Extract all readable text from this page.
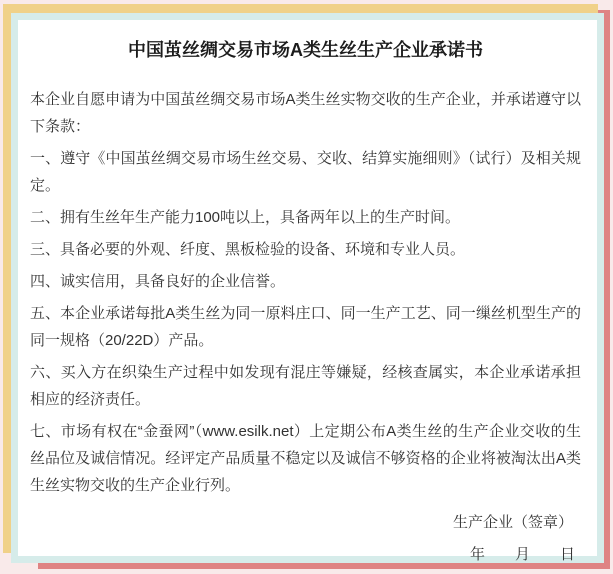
中国茧丝绸交易市场A类生丝生产企业承诺书

本企业自愿申请为中国茧丝绸交易市场A类生丝实物交收的生产企业，并承诺遵守以下条款：

一、遵守《中国茧丝绸交易市场生丝交易、交收、结算实施细则》（试行）及相关规定。

二、拥有生丝年生产能力100吨以上，具备两年以上的生产时间。

三、具备必要的外观、纤度、黑板检验的设备、环境和专业人员。

四、诚实信用，具备良好的企业信誉。

五、本企业承诺每批A类生丝为同一原料庄口、同一生产工艺、同一缫丝机型生产的同一规格（20/22D）产品。

六、买入方在织染生产过程中如发现有混庄等嫌疑，经核查属实，本企业承诺承担相应的经济责任。

七、市场有权在“金蚕网”（www.esilk.net）上定期公布A类生丝的生产企业交收的生丝品位及诚信情况。经评定产品质量不稳定以及诚信不够资格的企业将被淘汰出A类生丝实物交收的生产企业行列。

生产企业（签章）

年　　月　　日
